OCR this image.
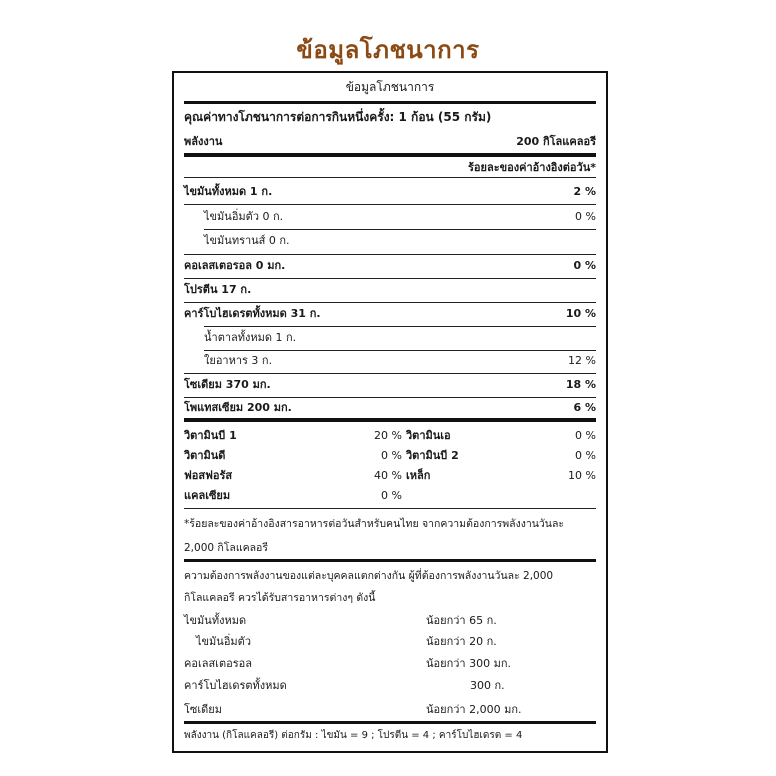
ข้อมูลโภชนาการ
ข้อมูลโภชนาการ
คุณค่าทางโภชนาการต่อการกินหนึ่งครั้ง: 1 ก้อน (55 กรัม)
พลังงาน	200 กิโลแคลอรี
ร้อยละของค่าอ้างอิงต่อวัน*
ไขมันทั้งหมด 1 ก.	2 %
ไขมันอิ่มตัว 0 ก.	0 %
ไขมันทรานส์ 0 ก.
คอเลสเตอรอล 0 มก.	0 %
โปรตีน 17 ก.
คาร์โบไฮเดรตทั้งหมด 31 ก.	10 %
น้ำตาลทั้งหมด 1 ก.
ใยอาหาร 3 ก.	12 %
โซเดียม 370 มก.	18 %
โพแทสเซียม 200 มก.	6 %
วิตามินบี 1	20 % วิตามินเอ	0 %
วิตามินดี	0 % วิตามินบี 2	0 %
ฟอสฟอรัส	40 % เหล็ก	10 %
แคลเซียม	0 %
*ร้อยละของค่าอ้างอิงสารอาหารต่อวันสำหรับคนไทย จากความต้องการพลังงานวันละ
2,000 กิโลแคลอรี
ความต้องการพลังงานของแต่ละบุคคลแตกต่างกัน ผู้ที่ต้องการพลังงานวันละ 2,000
กิโลแคลอรี ควรได้รับสารอาหารต่างๆ ดังนี้
ไขมันทั้งหมด	น้อยกว่า 65 ก.
ไขมันอิ่มตัว	น้อยกว่า 20 ก.
คอเลสเตอรอล	น้อยกว่า 300 มก.
คาร์โบไฮเดรตทั้งหมด	300 ก.
โซเดียม	น้อยกว่า 2,000 มก.
พลังงาน (กิโลแคลอรี) ต่อกรัม : ไขมัน = 9 ; โปรตีน = 4 ; คาร์โบไฮเดรต = 4
